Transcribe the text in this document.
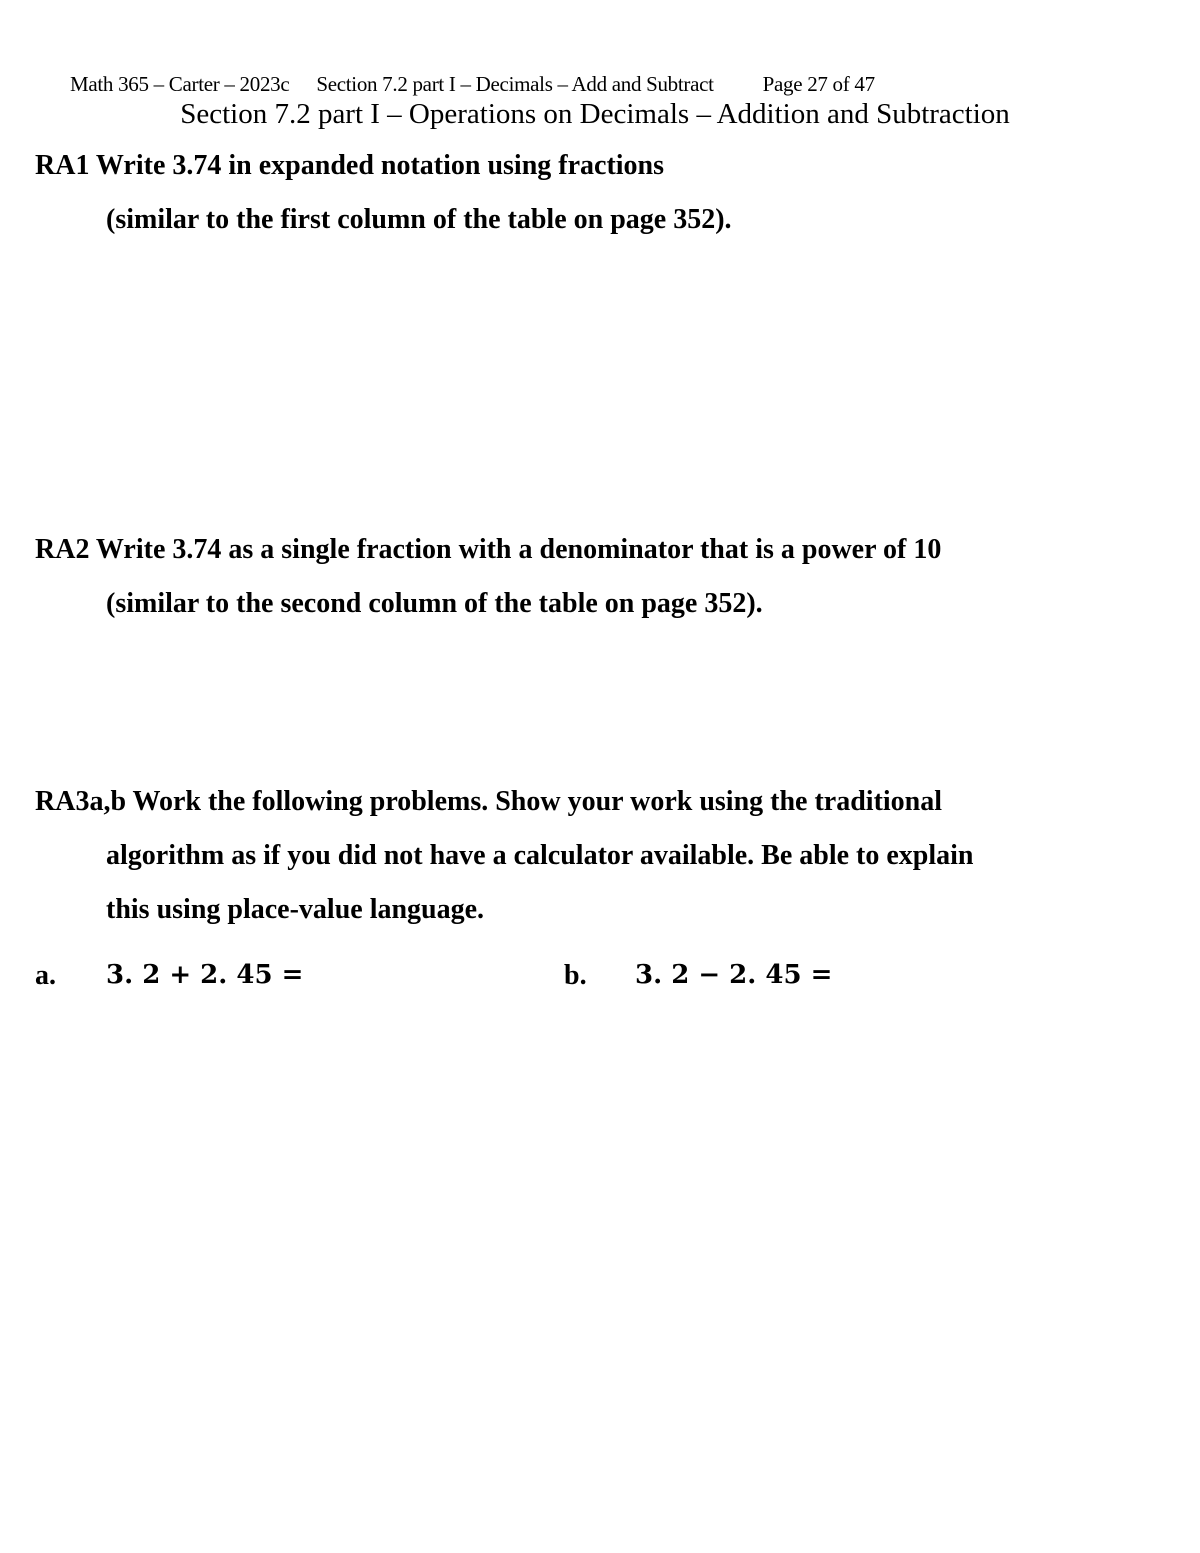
Math 365 – Carter – 2023c Section 7.2 part I – Decimals – Add and Subtract Page 27 of 47
Section 7.2 part I – Operations on Decimals – Addition and Subtraction
RA1 Write 3.74 in expanded notation using fractions
(similar to the first column of the table on page 352).
RA2 Write 3.74 as a single fraction with a denominator that is a power of 10
(similar to the second column of the table on page 352).
RA3a,b Work the following problems. Show your work using the traditional
algorithm as if you did not have a calculator available. Be able to explain
this using place-value language.
a. 3. 2 + 2. 45 =	b. 3. 2 − 2. 45 =
